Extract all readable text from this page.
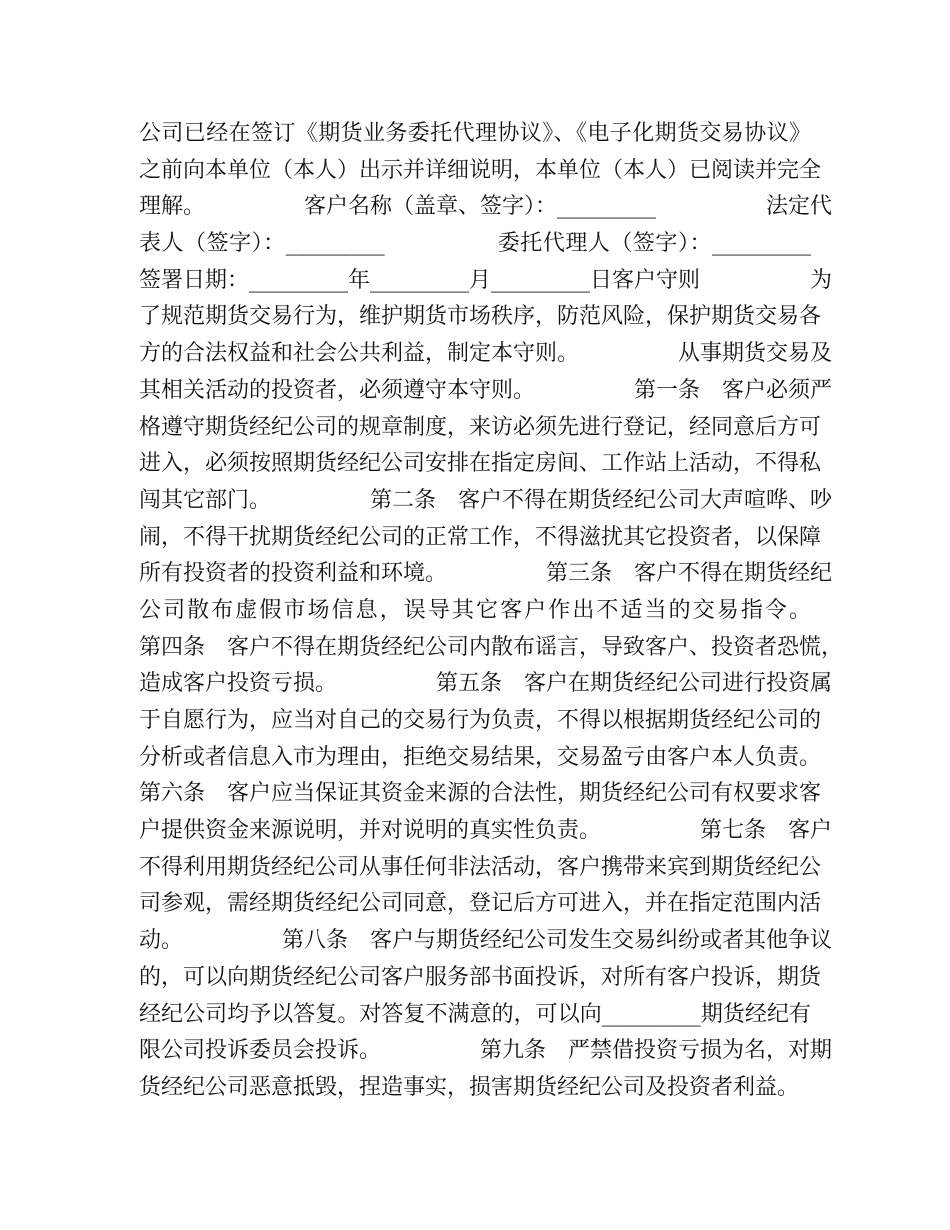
公司已经在签订《期货业务委托代理协议》、《电子化期货交易协议》
之前向本单位（本人）出示并详细说明，本单位（本人）已阅读并完全
理解。　　　　　客户名称（盖章、签字）：_________　　　　　法定代
表人（签字）：_________　　　　　委托代理人（签字）：_________
签署日期：_________年_________月_________日客户守则　　　　　为
了规范期货交易行为，维护期货市场秩序，防范风险，保护期货交易各
方的合法权益和社会公共利益，制定本守则。　　　　　从事期货交易及
其相关活动的投资者，必须遵守本守则。　　　　　第一条　客户必须严
格遵守期货经纪公司的规章制度，来访必须先进行登记，经同意后方可
进入，必须按照期货经纪公司安排在指定房间、工作站上活动，不得私
闯其它部门。　　　　　第二条　客户不得在期货经纪公司大声喧哗、吵
闹，不得干扰期货经纪公司的正常工作，不得滋扰其它投资者，以保障
所有投资者的投资利益和环境。　　　　　第三条　客户不得在期货经纪
公司散布虚假市场信息，误导其它客户作出不适当的交易指令。
第四条　客户不得在期货经纪公司内散布谣言，导致客户、投资者恐慌，
造成客户投资亏损。　　　　　第五条　客户在期货经纪公司进行投资属
于自愿行为，应当对自己的交易行为负责，不得以根据期货经纪公司的
分析或者信息入市为理由，拒绝交易结果，交易盈亏由客户本人负责。
第六条　客户应当保证其资金来源的合法性，期货经纪公司有权要求客
户提供资金来源说明，并对说明的真实性负责。　　　　　第七条　客户
不得利用期货经纪公司从事任何非法活动，客户携带来宾到期货经纪公
司参观，需经期货经纪公司同意，登记后方可进入，并在指定范围内活
动。　　　　　第八条　客户与期货经纪公司发生交易纠纷或者其他争议
的，可以向期货经纪公司客户服务部书面投诉，对所有客户投诉，期货
经纪公司均予以答复。对答复不满意的，可以向_________期货经纪有
限公司投诉委员会投诉。　　　　　第九条　严禁借投资亏损为名，对期
货经纪公司恶意抵毁，捏造事实，损害期货经纪公司及投资者利益。
